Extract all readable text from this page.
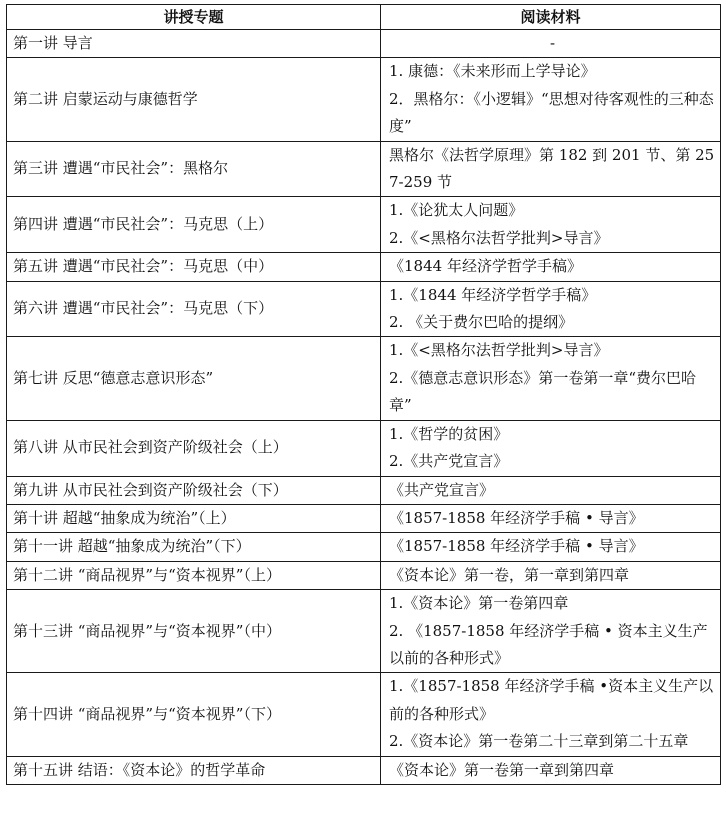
讲授专题	阅读材料
第一讲 导言	-

第二讲 启蒙运动与康德哲学	1. 康德：《未来形而上学导论》
2．黑格尔：《小逻辑》“思想对待客观性的三种态度”

第三讲 遭遇“市民社会”：黑格尔	黑格尔《法哲学原理》第 182 到 201 节、第 257-259 节

第四讲 遭遇“市民社会”：马克思（上）	1.《论犹太人问题》
2.《<黑格尔法哲学批判>导言》

第五讲 遭遇“市民社会”：马克思（中）	《1844 年经济学哲学手稿》

第六讲 遭遇“市民社会”：马克思（下）	1.《1844 年经济学哲学手稿》
2. 《关于费尔巴哈的提纲》

第七讲 反思“德意志意识形态”	1.《<黑格尔法哲学批判>导言》
2.《德意志意识形态》第一卷第一章“费尔巴哈章”

第八讲 从市民社会到资产阶级社会（上）	1.《哲学的贫困》
2.《共产党宣言》

第九讲 从市民社会到资产阶级社会（下）	《共产党宣言》

第十讲 超越“抽象成为统治”（上）	《1857-1858 年经济学手稿 • 导言》

第十一讲 超越“抽象成为统治”（下）	《1857-1858 年经济学手稿 • 导言》

第十二讲 “商品视界”与“资本视界”（上）	《资本论》第一卷，第一章到第四章

第十三讲 “商品视界”与“资本视界”（中）	1.《资本论》第一卷第四章
2. 《1857-1858 年经济学手稿 • 资本主义生产以前的各种形式》

第十四讲 “商品视界”与“资本视界”（下）	1.《1857-1858 年经济学手稿 •资本主义生产以前的各种形式》
2.《资本论》第一卷第二十三章到第二十五章

第十五讲 结语：《资本论》的哲学革命	《资本论》第一卷第一章到第四章
